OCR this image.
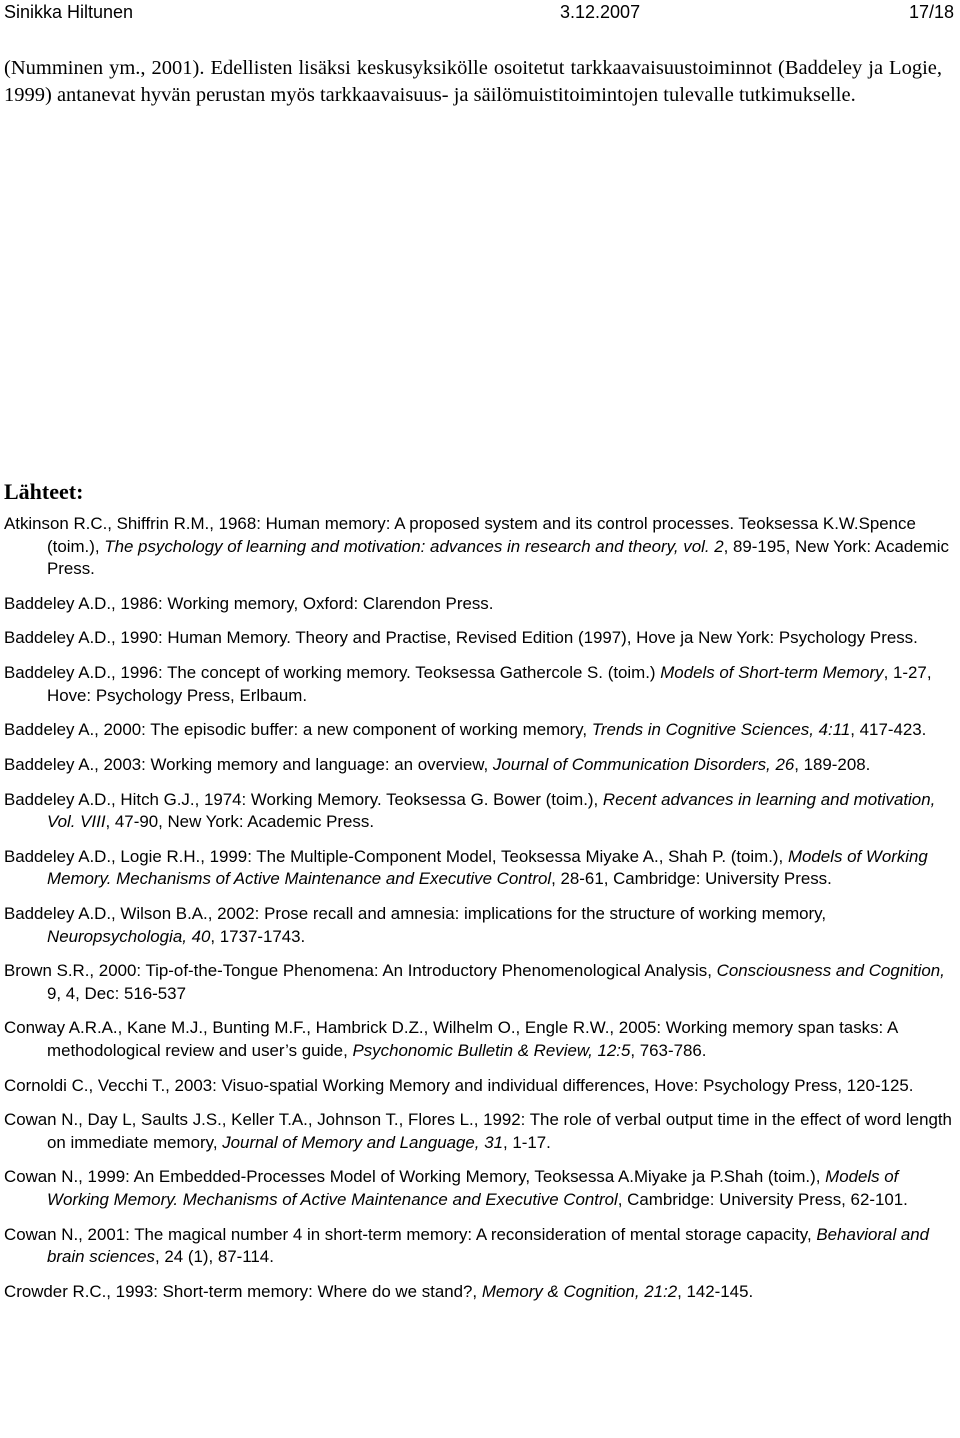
Sinikka Hiltunen	3.12.2007	17/18

(Numminen ym., 2001). Edellisten lisäksi keskusyksikölle osoitetut tarkkaavaisuustoiminnot (Baddeley ja Logie, 1999) antanevat hyvän perustan myös tarkkaavaisuus- ja säilömuistitoimintojen tulevalle tutkimukselle.

Lähteet:
Atkinson R.C., Shiffrin R.M., 1968: Human memory: A proposed system and its control processes. Teoksessa K.W.Spence (toim.), The psychology of learning and motivation: advances in research and theory, vol. 2, 89-195, New York: Academic Press.
Baddeley A.D., 1986: Working memory, Oxford: Clarendon Press.
Baddeley A.D., 1990: Human Memory. Theory and Practise, Revised Edition (1997), Hove ja New York: Psychology Press.
Baddeley A.D., 1996: The concept of working memory. Teoksessa Gathercole S. (toim.) Models of Short-term Memory, 1-27, Hove: Psychology Press, Erlbaum.
Baddeley A., 2000: The episodic buffer: a new component of working memory, Trends in Cognitive Sciences, 4:11, 417-423.
Baddeley A., 2003: Working memory and language: an overview, Journal of Communication Disorders, 26, 189-208.
Baddeley A.D., Hitch G.J., 1974: Working Memory. Teoksessa G. Bower (toim.), Recent advances in learning and motivation, Vol. VIII, 47-90, New York: Academic Press.
Baddeley A.D., Logie R.H., 1999: The Multiple-Component Model, Teoksessa Miyake A., Shah P. (toim.), Models of Working Memory. Mechanisms of Active Maintenance and Executive Control, 28-61, Cambridge: University Press.
Baddeley A.D., Wilson B.A., 2002: Prose recall and amnesia: implications for the structure of working memory, Neuropsychologia, 40, 1737-1743.
Brown S.R., 2000: Tip-of-the-Tongue Phenomena: An Introductory Phenomenological Analysis, Consciousness and Cognition, 9, 4, Dec: 516-537
Conway A.R.A., Kane M.J., Bunting M.F., Hambrick D.Z., Wilhelm O., Engle R.W., 2005: Working memory span tasks: A methodological review and user’s guide, Psychonomic Bulletin & Review, 12:5, 763-786.
Cornoldi C., Vecchi T., 2003: Visuo-spatial Working Memory and individual differences, Hove: Psychology Press, 120-125.
Cowan N., Day L, Saults J.S., Keller T.A., Johnson T., Flores L., 1992: The role of verbal output time in the effect of word length on immediate memory, Journal of Memory and Language, 31, 1-17.
Cowan N., 1999: An Embedded-Processes Model of Working Memory, Teoksessa A.Miyake ja P.Shah (toim.), Models of Working Memory. Mechanisms of Active Maintenance and Executive Control, Cambridge: University Press, 62-101.
Cowan N., 2001: The magical number 4 in short-term memory: A reconsideration of mental storage capacity, Behavioral and brain sciences, 24 (1), 87-114.
Crowder R.C., 1993: Short-term memory: Where do we stand?, Memory & Cognition, 21:2, 142-145.
